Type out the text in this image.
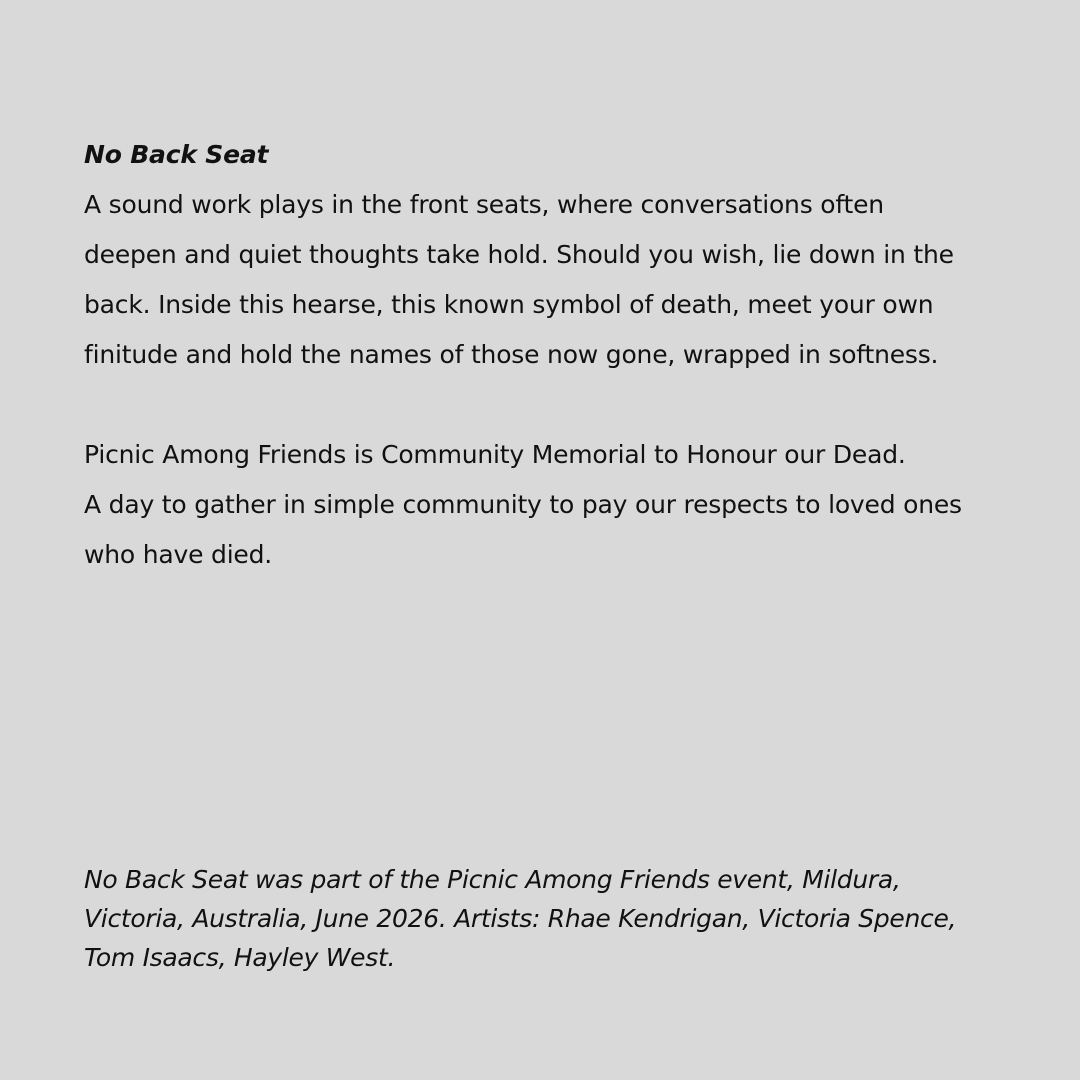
No Back Seat
A sound work plays in the front seats, where conversations often
deepen and quiet thoughts take hold. Should you wish, lie down in the
back. Inside this hearse, this known symbol of death, meet your own
finitude and hold the names of those now gone, wrapped in softness.
Picnic Among Friends is Community Memorial to Honour our Dead.
A day to gather in simple community to pay our respects to loved ones
who have died.
No Back Seat was part of the Picnic Among Friends event, Mildura,
Victoria, Australia, June 2026. Artists: Rhae Kendrigan, Victoria Spence,
Tom Isaacs, Hayley West.
